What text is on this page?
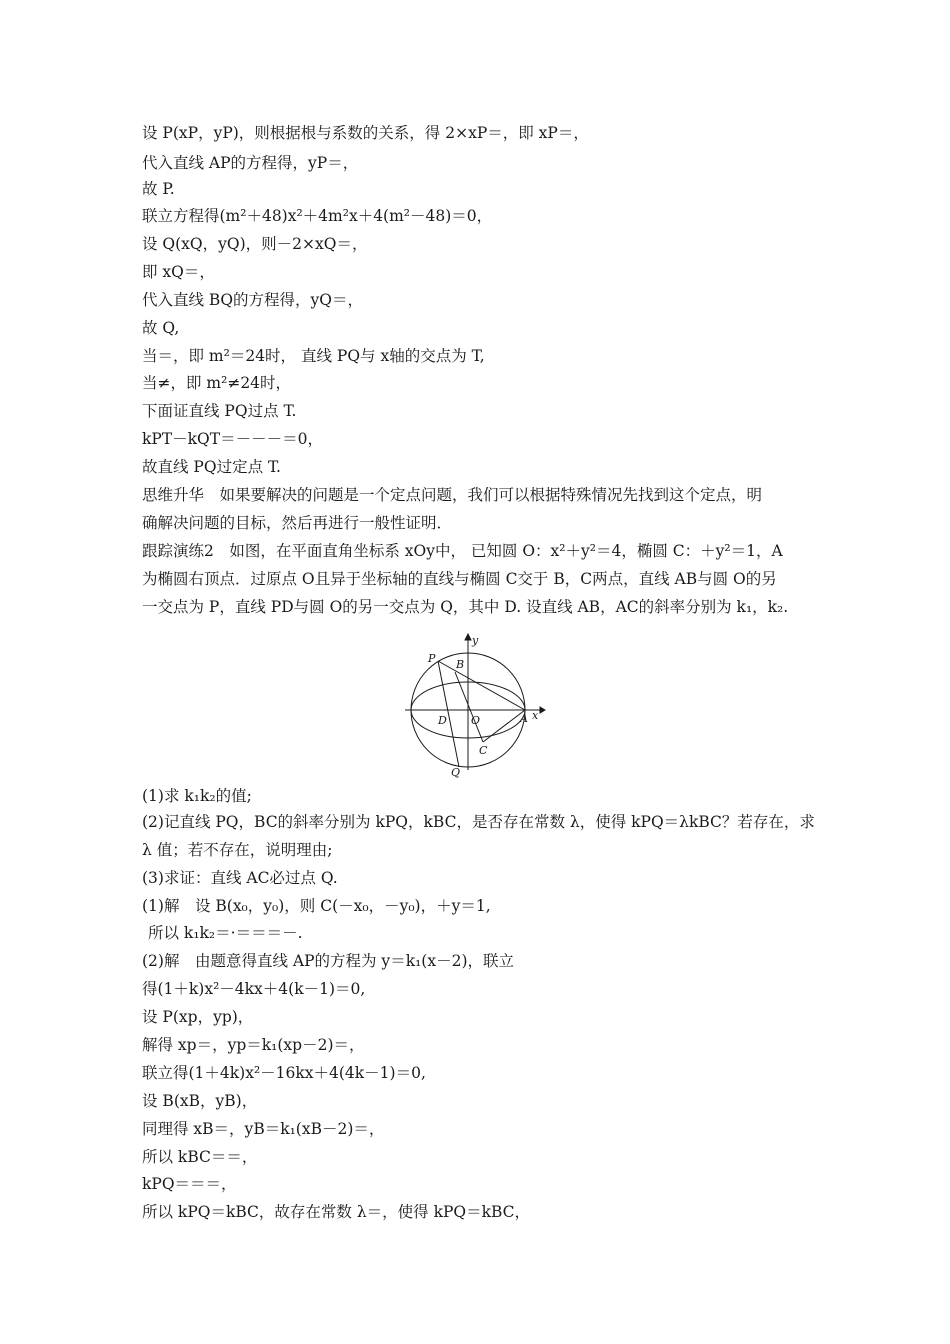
设 P(xP，yP)，则根据根与系数的关系，得 2×xP＝，即 xP＝，
代入直线 AP的方程得，yP＝，
故 P.
联立方程得(m²＋48)x²＋4m²x＋4(m²－48)＝0，
设 Q(xQ，yQ)，则－2×xQ＝，
即 xQ＝，
代入直线 BQ的方程得，yQ＝，
故 Q,
当＝，即 m²＝24时， 直线 PQ与 x轴的交点为 T,
当≠，即 m²≠24时，
下面证直线 PQ过点 T.
kPT－kQT＝－－－＝0，
故直线 PQ过定点 T.
思维升华　如果要解决的问题是一个定点问题，我们可以根据特殊情况先找到这个定点，明
确解决问题的目标，然后再进行一般性证明．
跟踪演练2　如图，在平面直角坐标系 xOy中， 已知圆 O：x²＋y²＝4，椭圆 C：＋y²＝1，A
为椭圆右顶点．过原点 O且异于坐标轴的直线与椭圆 C交于 B，C两点，直线 AB与圆 O的另
一交点为 P，直线 PD与圆 O的另一交点为 Q，其中 D. 设直线 AB，AC的斜率分别为 k₁，k₂.
P B
y
D O	A x
C
Q
(1)求 k₁k₂的值;
(2)记直线 PQ，BC的斜率分别为 kPQ，kBC，是否存在常数 λ，使得 kPQ＝λkBC？若存在，求
λ 值；若不存在，说明理由;
(3)求证：直线 AC必过点 Q.
(1)解　设 B(x₀，y₀)，则 C(－x₀，－y₀)，＋y＝1,
所以 k₁k₂＝·＝＝＝－.
(2)解　由题意得直线 AP的方程为 y＝k₁(x－2)，联立
得(1＋k)x²－4kx＋4(k－1)＝0,
设 P(xp，yp)，
解得 xp＝，yp＝k₁(xp－2)＝，
联立得(1＋4k)x²－16kx＋4(4k－1)＝0,
设 B(xB，yB)，
同理得 xB＝，yB＝k₁(xB－2)＝，
所以 kBC＝＝，
kPQ＝＝＝，
所以 kPQ＝kBC，故存在常数 λ＝，使得 kPQ＝kBC，
